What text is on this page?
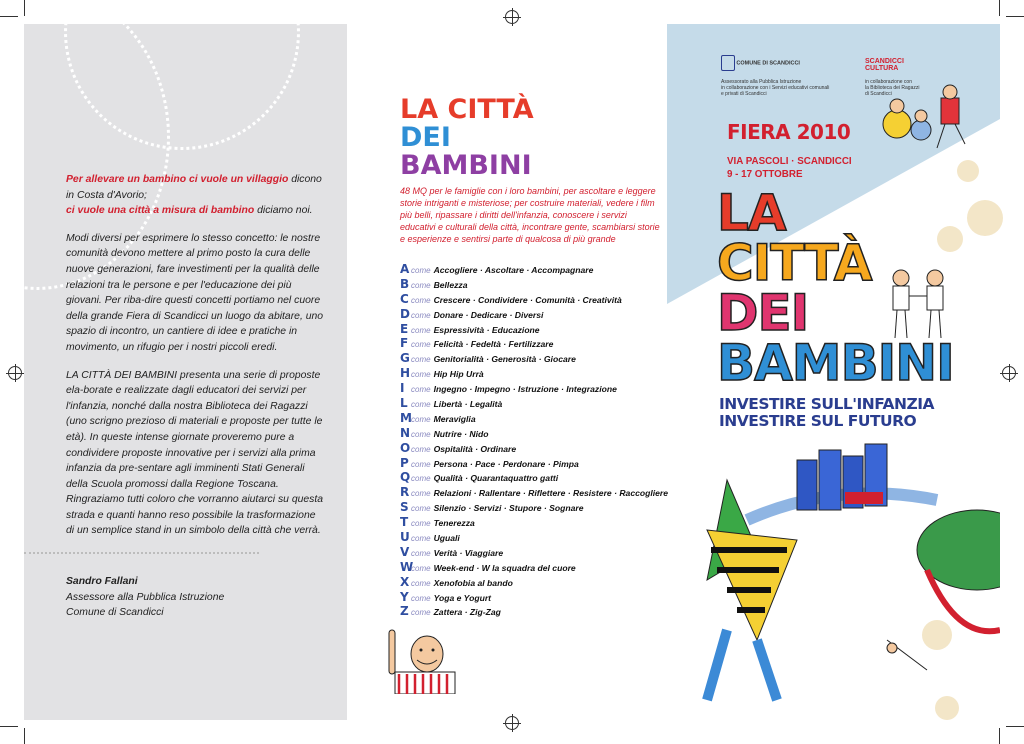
Per allevare un bambino ci vuole un villaggio dicono in Costa d'Avorio;
ci vuole una città a misura di bambino diciamo noi.

Modi diversi per esprimere lo stesso concetto: le nostre comunità devono mettere al primo posto la cura delle nuove generazioni, fare investimenti per la qualità delle relazioni tra le persone e per l'educazione dei più giovani. Per riba-dire questi concetti portiamo nel cuore della grande Fiera di Scandicci un luogo da abitare, uno spazio di incontro, un cantiere di idee e pratiche in movimento, un rifugio per i nostri piccoli eredi.

LA CITTÀ DEI BAMBINI presenta una serie di proposte ela-borate e realizzate dagli educatori dei servizi per l'infanzia, nonché dalla nostra Biblioteca dei Ragazzi (uno scrigno prezioso di materiali e proposte per tutte le età). In queste intense giornate proveremo pure a condividere proposte innovative per i servizi alla prima infanzia da pre-sentare agli imminenti Stati Generali della Scuola promossi dalla Regione Toscana. Ringraziamo tutti coloro che vorranno aiutarci su questa strada e quanti hanno reso possibile la trasformazione di un semplice stand in un simbolo della città che verrà.

Sandro Fallani
Assessore alla Pubblica Istruzione
Comune di Scandicci
LA CITTÀ
DEI
BAMBINI
48 MQ per le famiglie con i loro bambini, per ascoltare e leggere storie intriganti e misteriose; per costruire materiali, vedere i film più belli, ripassare i diritti dell'infanzia, conoscere i servizi educativi e culturali della città, incontrare gente, scambiarsi storie e esperienze e sentirsi parte di qualcosa di più grande
Acome Accogliere · Ascoltare · Accompagnare
Bcome Bellezza
Ccome Crescere · Condividere · Comunità · Creatività
Dcome Donare · Dedicare · Diversi
Ecome Espressività · Educazione
Fcome Felicità · Fedeltà · Fertilizzare
Gcome Genitorialità · Generosità · Giocare
Hcome Hip Hip Urrà
Icome Ingegno · Impegno · Istruzione · Integrazione
Lcome Libertà · Legalità
Mcome Meraviglia
Ncome Nutrire · Nido
Ocome Ospitalità · Ordinare
Pcome Persona · Pace · Perdonare · Pimpa
Qcome Qualità · Quarantaquattro gatti
Rcome Relazioni · Rallentare · Riflettere · Resistere · Raccogliere
Scome Silenzio · Servizi · Stupore · Sognare
Tcome Tenerezza
Ucome Uguali
Vcome Verità · Viaggiare
Wcome Week-end · W la squadra del cuore
Xcome Xenofobia al bando
Ycome Yoga e Yogurt
Zcome Zattera · Zig-Zag
COMUNE DI SCANDICCI
Assessorato alla Pubblica Istruzione
in collaborazione con i Servizi educativi comunali
e privati di Scandicci
SCANDICCI
CULTURA
in collaborazione con
la Biblioteca dei Ragazzi
di Scandicci
FIERA 2010
VIA PASCOLI · SCANDICCI
9 - 17 OTTOBRE
LA
CITTÀ
DEI
BAMBINI
INVESTIRE SULL'INFANZIA
INVESTIRE SUL FUTURO
